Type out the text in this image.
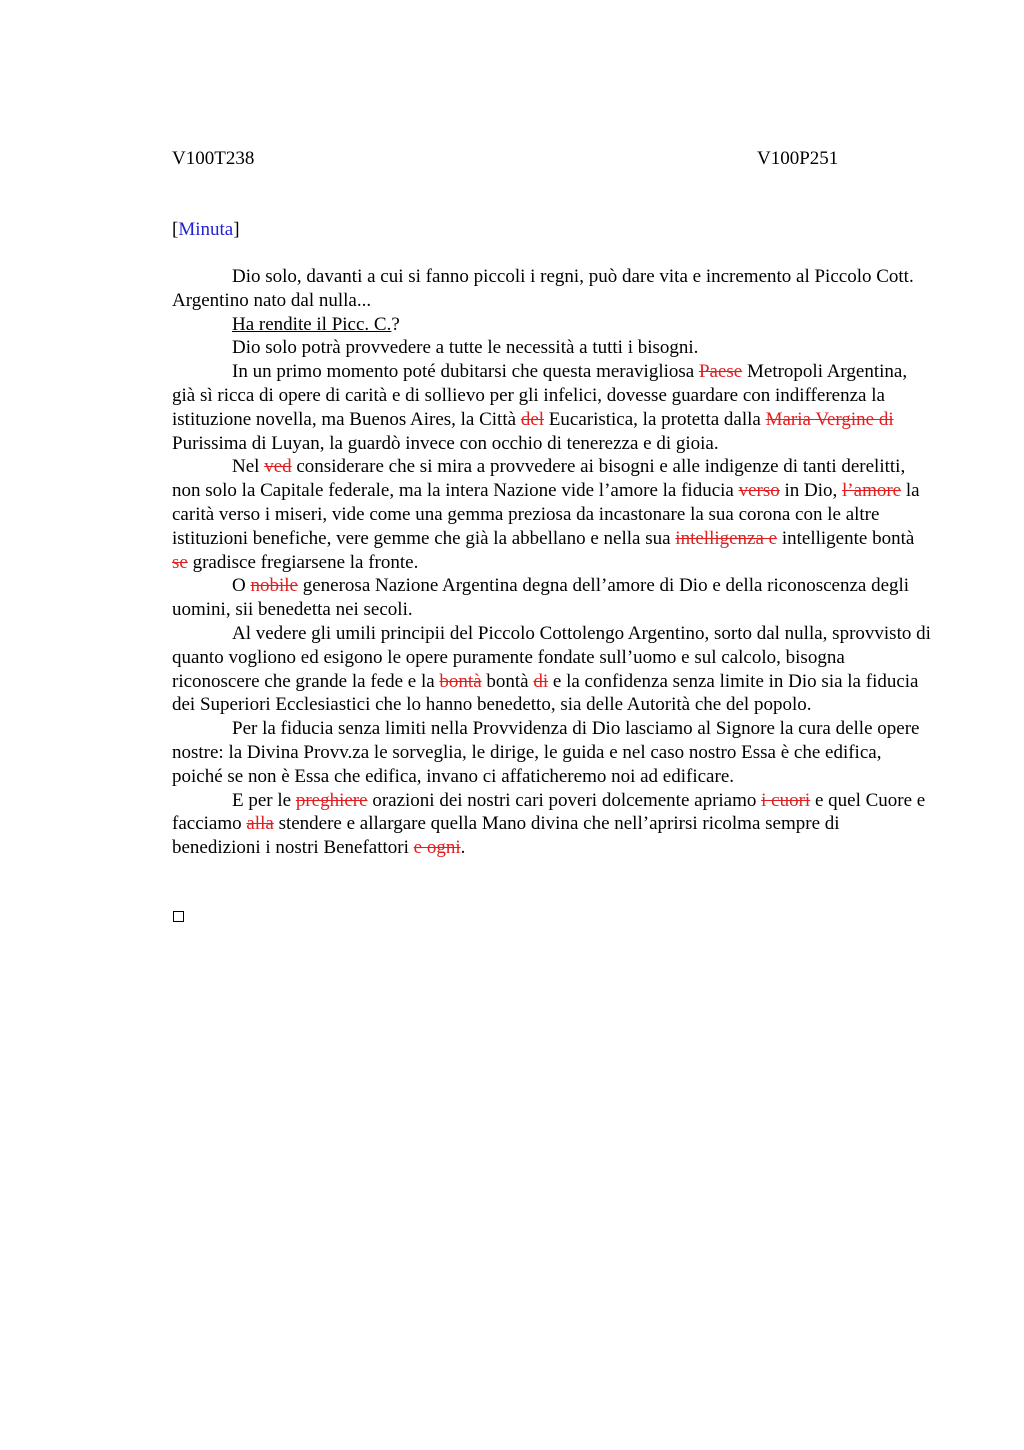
V100T238	V100P251
[Minuta]

Dio solo, davanti a cui si fanno piccoli i regni, può dare vita e incremento al Piccolo Cott. Argentino nato dal nulla...

Ha rendite il Picc. C.?

Dio solo potrà provvedere a tutte le necessità a tutti i bisogni.

In un primo momento poté dubitarsi che questa meravigliosa Paese Metropoli Argentina, già sì ricca di opere di carità e di sollievo per gli infelici, dovesse guardare con indifferenza la istituzione novella, ma Buenos Aires, la Città del Eucaristica, la protetta dalla Maria Vergine di Purissima di Luyan, la guardò invece con occhio di tenerezza e di gioia.

Nel ved considerare che si mira a provvedere ai bisogni e alle indigenze di tanti derelitti, non solo la Capitale federale, ma la intera Nazione vide l’amore la fiducia verso in Dio, l’amore la carità verso i miseri, vide come una gemma preziosa da incastonare la sua corona con le altre istituzioni benefiche, vere gemme che già la abbellano e nella sua intelligenza e intelligente bontà se gradisce fregiarsene la fronte.

O nobile generosa Nazione Argentina degna dell’amore di Dio e della riconoscenza degli uomini, sii benedetta nei secoli.

Al vedere gli umili principii del Piccolo Cottolengo Argentino, sorto dal nulla, sprovvisto di quanto vogliono ed esigono le opere puramente fondate sull’uomo e sul calcolo, bisogna riconoscere che grande la fede e la bontà bontà di e la confidenza senza limite in Dio sia la fiducia dei Superiori Ecclesiastici che lo hanno benedetto, sia delle Autorità che del popolo.

Per la fiducia senza limiti nella Provvidenza di Dio lasciamo al Signore la cura delle opere nostre: la Divina Provv.za le sorveglia, le dirige, le guida e nel caso nostro Essa è che edifica, poiché se non è Essa che edifica, invano ci affaticheremo noi ad edificare.

E per le preghiere orazioni dei nostri cari poveri dolcemente apriamo i cuori e quel Cuore e facciamo alla stendere e allargare quella Mano divina che nell’aprirsi ricolma sempre di benedizioni i nostri Benefattori e ogni.
